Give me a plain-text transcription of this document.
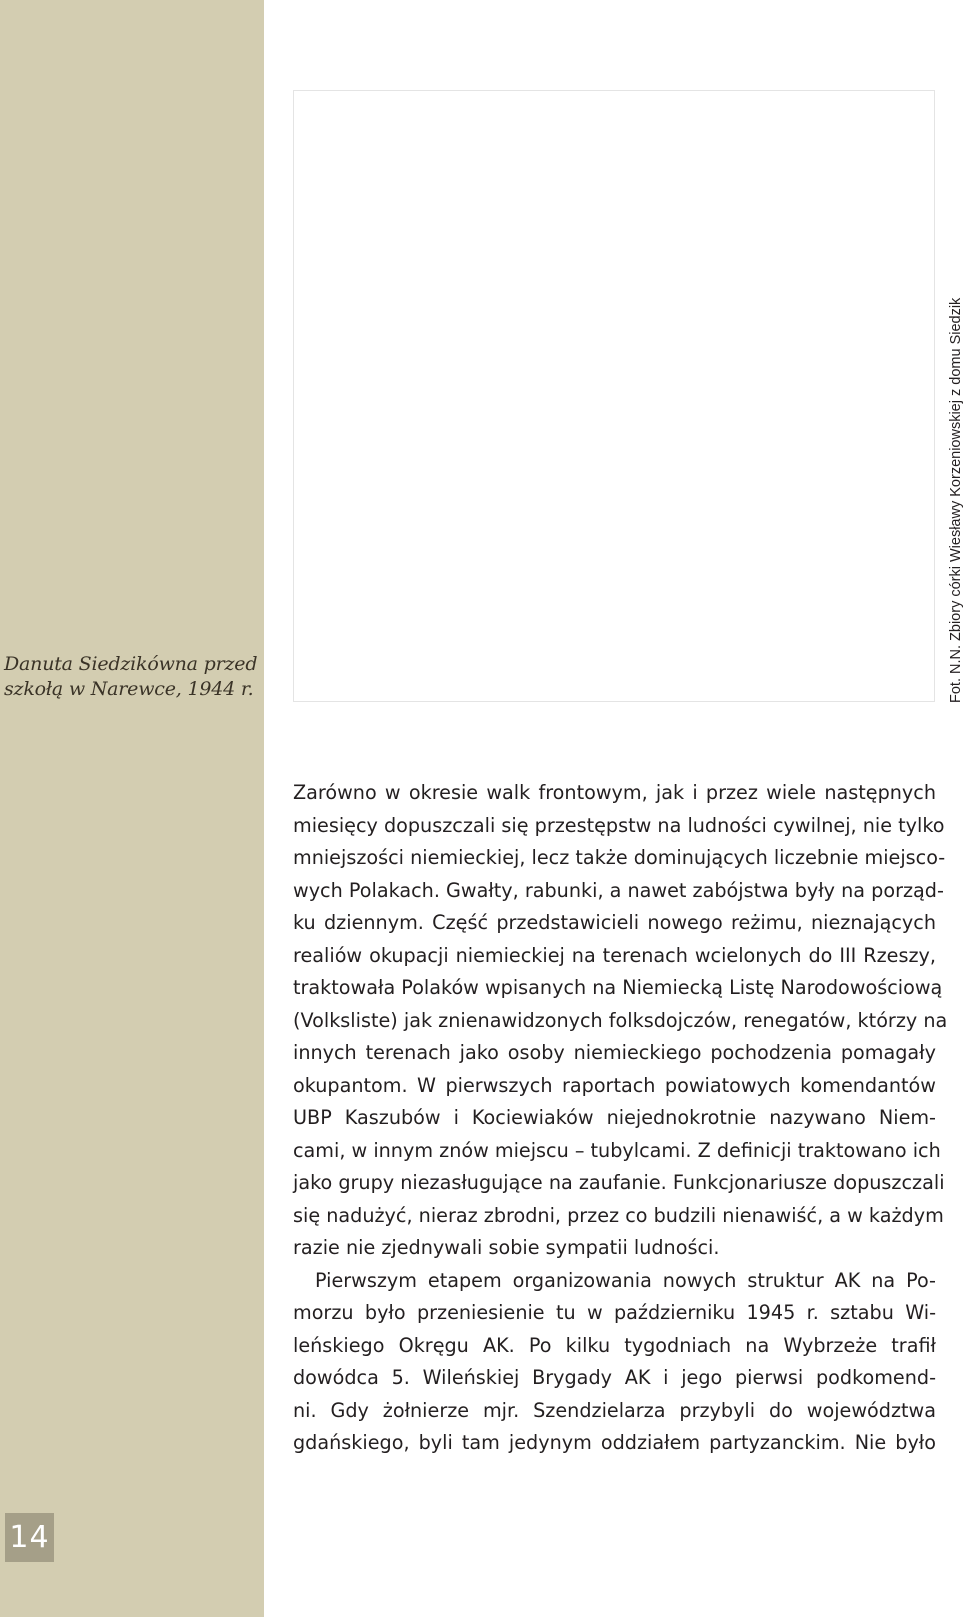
Danuta Siedzikówna przed
szkołą w Narewce, 1944 r.	Fot. N.N. Zbiory córki Wiesławy Korzeniowskiej z domu Siedzik
Zarówno w okresie walk frontowym, jak i przez wiele następnych
miesięcy dopuszczali się przestępstw na ludności cywilnej, nie tylko
mniejszości niemieckiej, lecz także dominujących liczebnie miejsco-
wych Polakach. Gwałty, rabunki, a nawet zabójstwa były na porząd-
ku dziennym. Część przedstawicieli nowego reżimu, nieznających
realiów okupacji niemieckiej na terenach wcielonych do III Rzeszy,
traktowała Polaków wpisanych na Niemiecką Listę Narodowościową
(Volksliste) jak znienawidzonych folksdojczów, renegatów, którzy na
innych terenach jako osoby niemieckiego pochodzenia pomagały
okupantom. W pierwszych raportach powiatowych komendantów
UBP Kaszubów i Kociewiaków niejednokrotnie nazywano Niem-
cami, w innym znów miejscu – tubylcami. Z definicji traktowano ich
jako grupy niezasługujące na zaufanie. Funkcjonariusze dopuszczali
się nadużyć, nieraz zbrodni, przez co budzili nienawiść, a w każdym
razie nie zjednywali sobie sympatii ludności.
Pierwszym etapem organizowania nowych struktur AK na Po-
morzu było przeniesienie tu w październiku 1945 r. sztabu Wi-
leńskiego Okręgu AK. Po kilku tygodniach na Wybrzeże trafił
dowódca 5. Wileńskiej Brygady AK i jego pierwsi podkomend-
ni. Gdy żołnierze mjr. Szendzielarza przybyli do województwa
gdańskiego, byli tam jedynym oddziałem partyzanckim. Nie było
14
